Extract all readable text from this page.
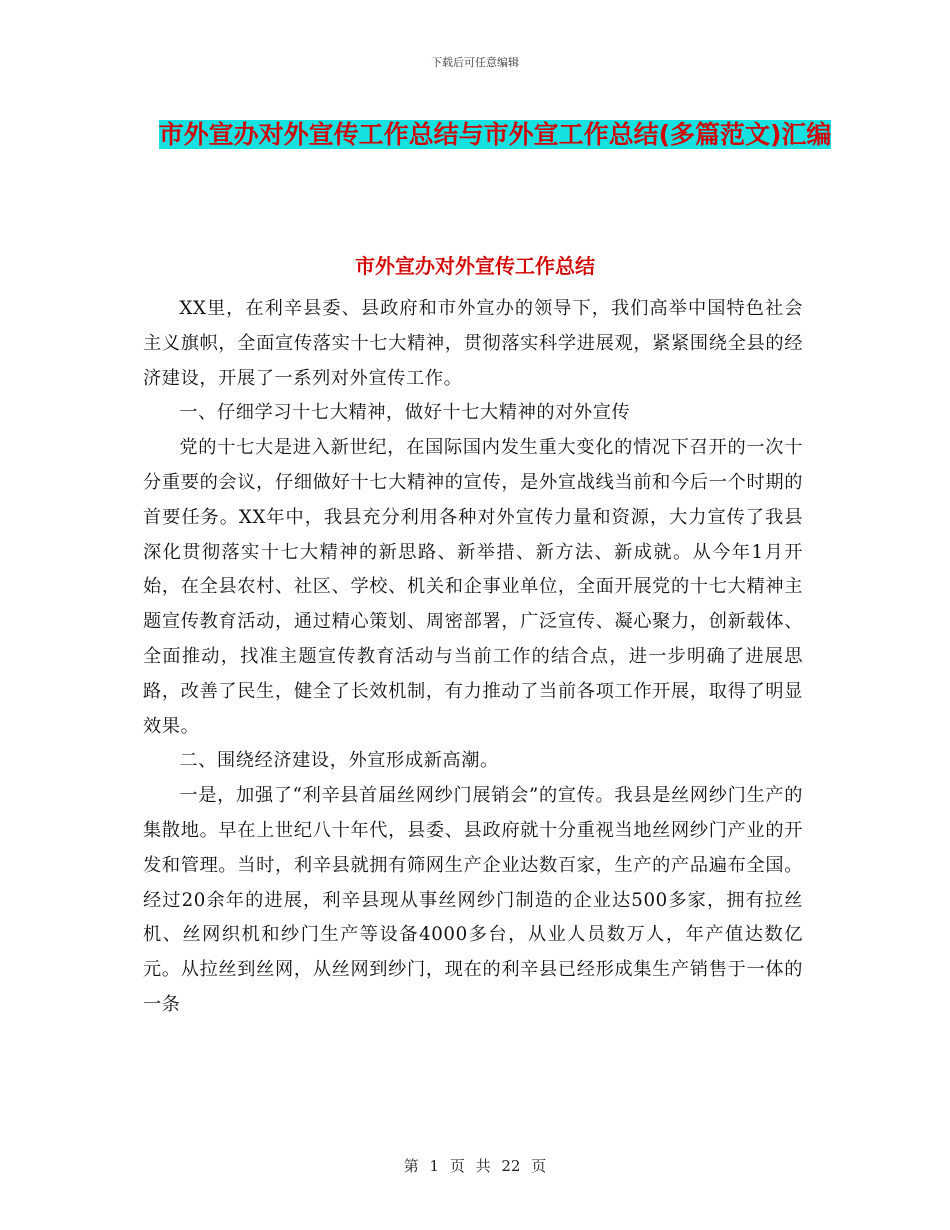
下载后可任意编辑
市外宣办对外宣传工作总结与市外宣工作总结(多篇范文)汇编
市外宣办对外宣传工作总结

XX里，在利辛县委、县政府和市外宣办的领导下，我们高举中国特色社会主义旗帜，全面宣传落实十七大精神，贯彻落实科学进展观，紧紧围绕全县的经济建设，开展了一系列对外宣传工作。

一、仔细学习十七大精神，做好十七大精神的对外宣传

党的十七大是进入新世纪，在国际国内发生重大变化的情况下召开的一次十分重要的会议，仔细做好十七大精神的宣传，是外宣战线当前和今后一个时期的首要任务。XX年中，我县充分利用各种对外宣传力量和资源，大力宣传了我县深化贯彻落实十七大精神的新思路、新举措、新方法、新成就。从今年1月开始，在全县农村、社区、学校、机关和企事业单位，全面开展党的十七大精神主题宣传教育活动，通过精心策划、周密部署，广泛宣传、凝心聚力，创新载体、全面推动，找准主题宣传教育活动与当前工作的结合点，进一步明确了进展思路，改善了民生，健全了长效机制，有力推动了当前各项工作开展，取得了明显效果。

二、围绕经济建设，外宣形成新高潮。

一是，加强了“利辛县首届丝网纱门展销会”的宣传。我县是丝网纱门生产的集散地。早在上世纪八十年代，县委、县政府就十分重视当地丝网纱门产业的开发和管理。当时，利辛县就拥有筛网生产企业达数百家，生产的产品遍布全国。经过20余年的进展，利辛县现从事丝网纱门制造的企业达500多家，拥有拉丝机、丝网织机和纱门生产等设备4000多台，从业人员数万人，年产值达数亿元。从拉丝到丝网，从丝网到纱门，现在的利辛县已经形成集生产销售于一体的一条

第 1 页 共 22 页
